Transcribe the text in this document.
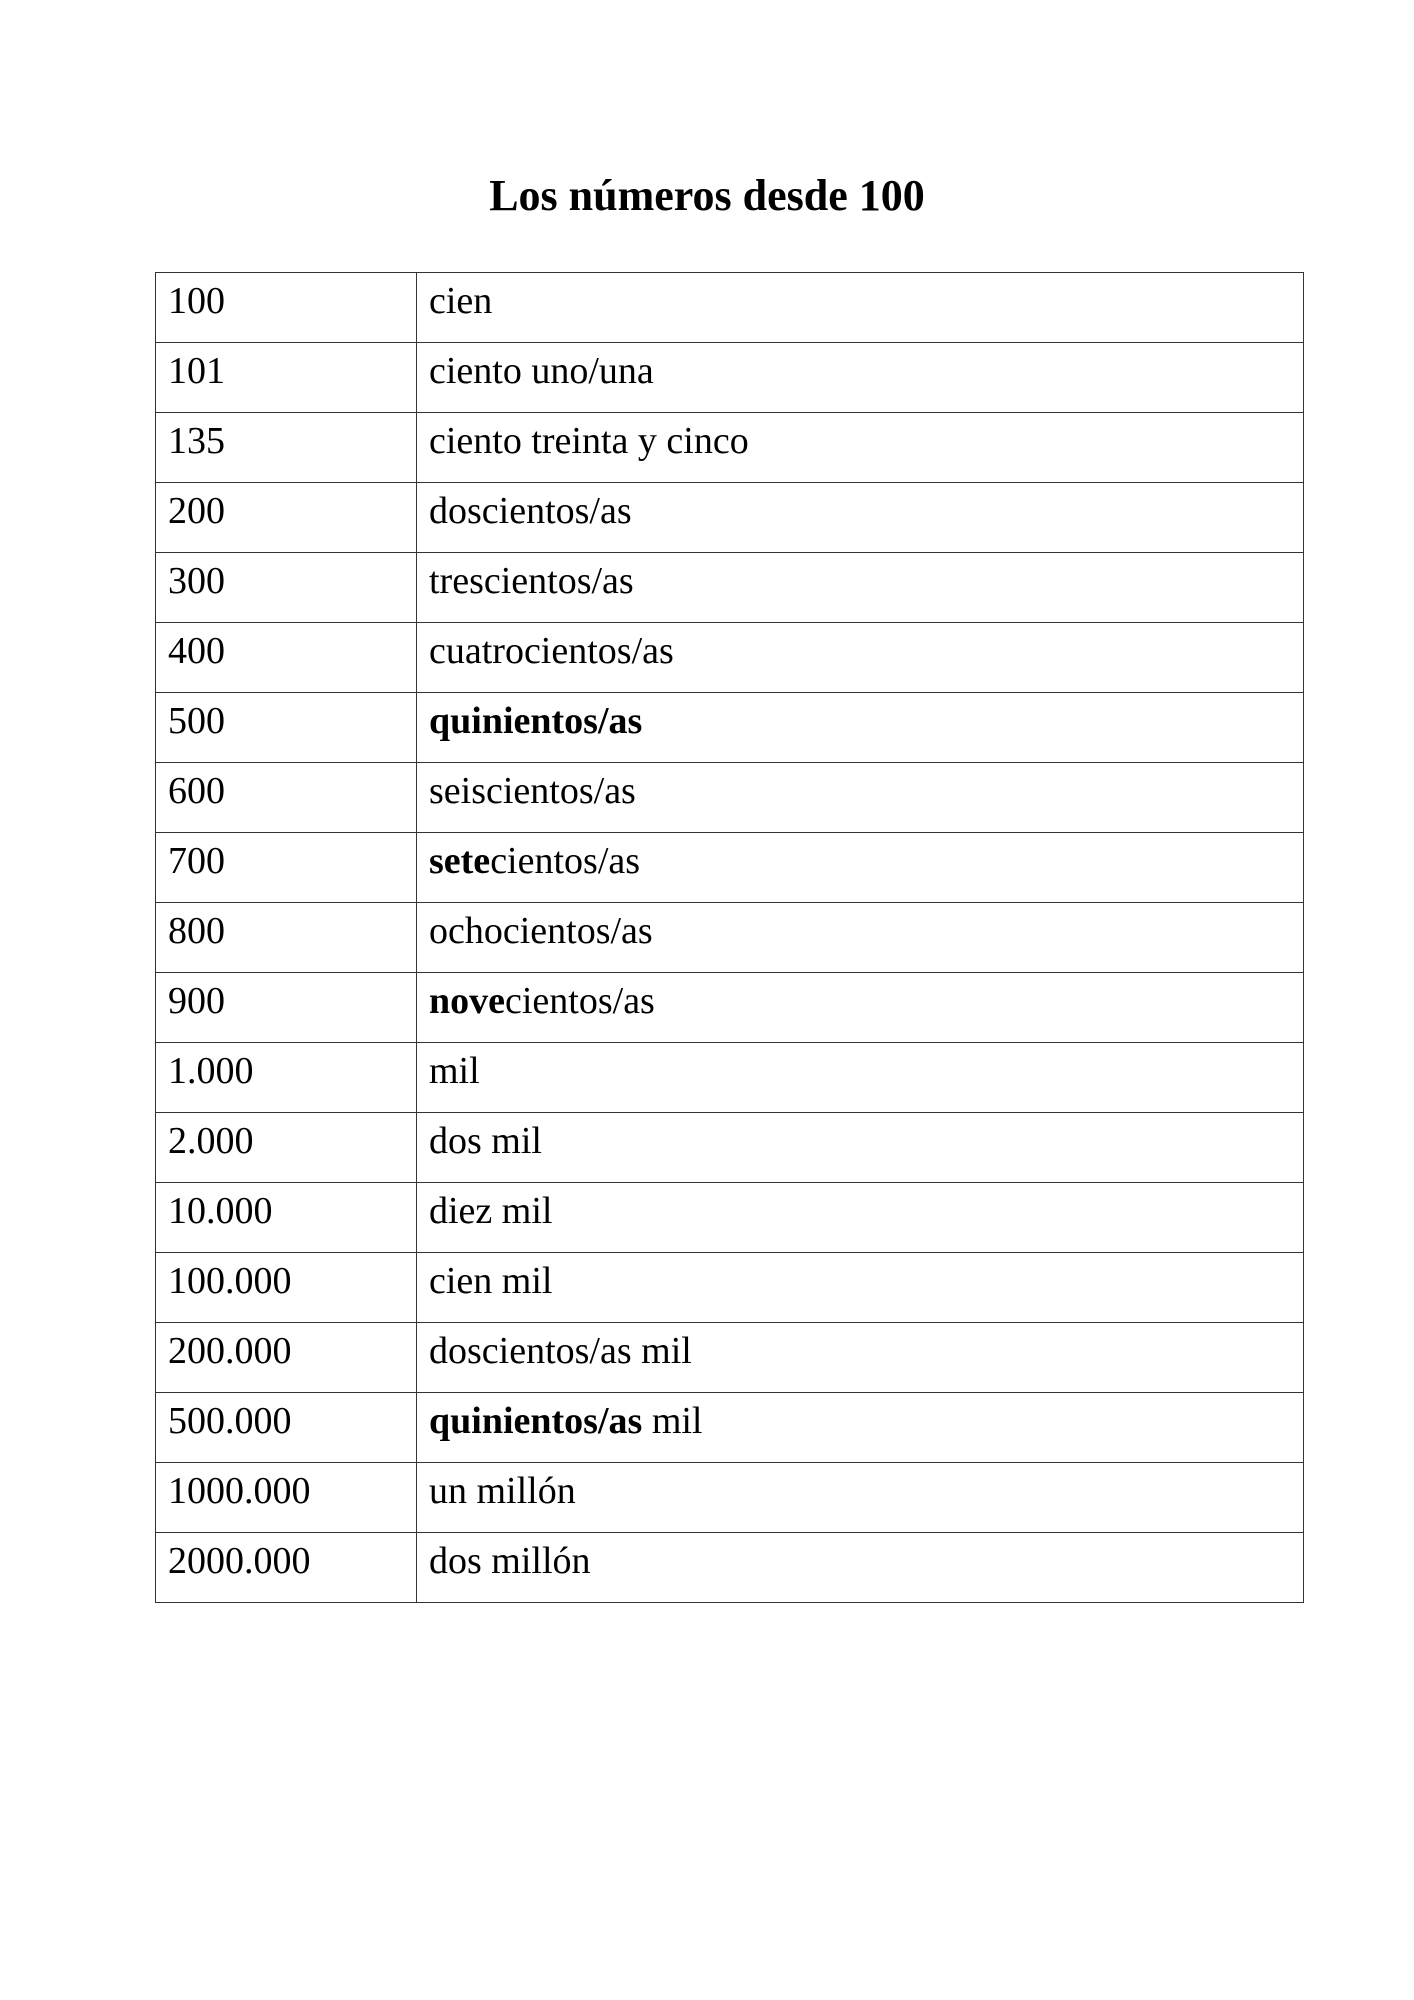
Los números desde 100
100	cien
101	ciento uno/una
135	ciento treinta y cinco
200	doscientos/as
300	trescientos/as
400	cuatrocientos/as
500	quinientos/as
600	seiscientos/as
700	setecientos/as
800	ochocientos/as
900	novecientos/as
1.000	mil
2.000	dos mil
10.000	diez mil
100.000	cien mil
200.000	doscientos/as mil
500.000	quinientos/as mil
1000.000	un millón
2000.000	dos millón
